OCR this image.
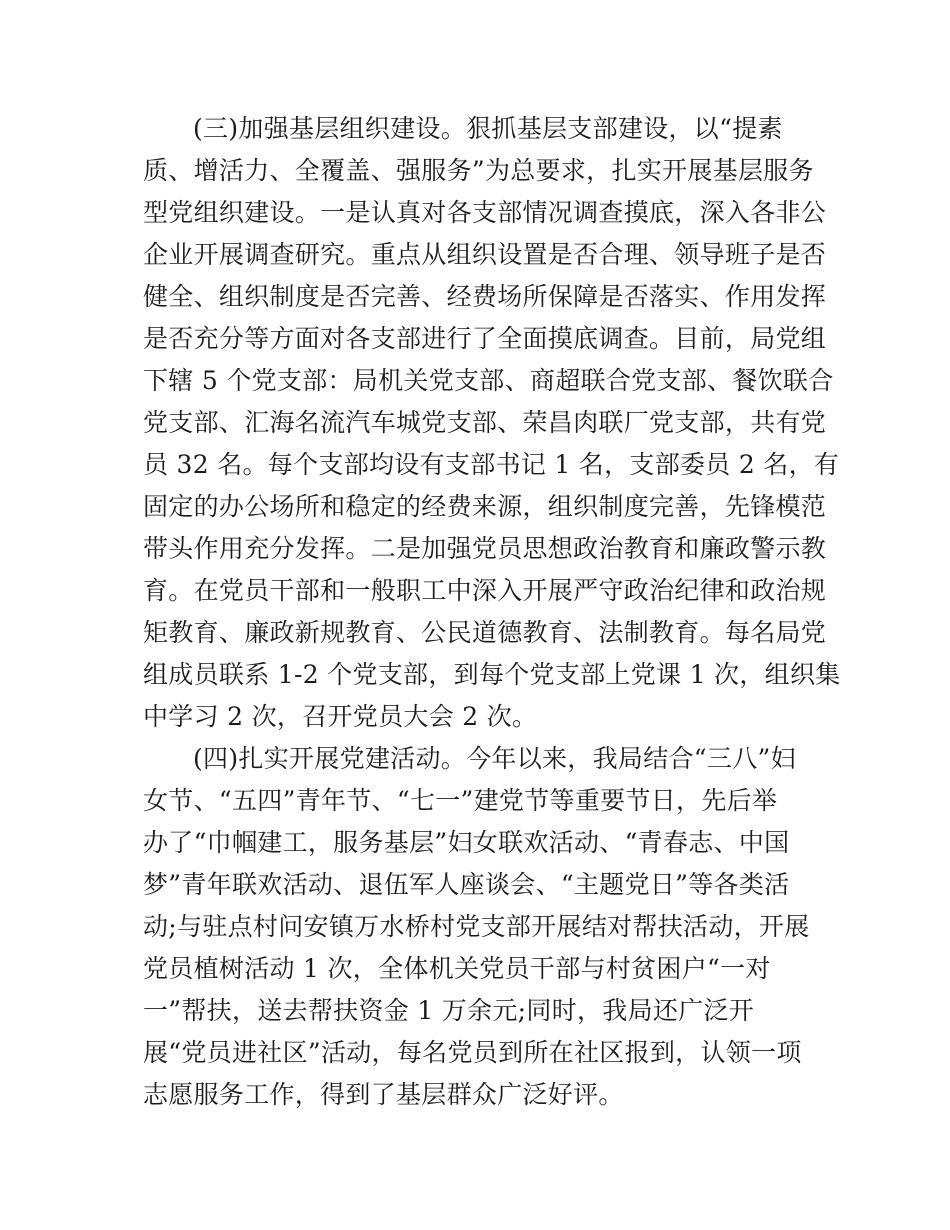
(三)加强基层组织建设。狠抓基层支部建设，以“提素
质、增活力、全覆盖、强服务”为总要求，扎实开展基层服务
型党组织建设。一是认真对各支部情况调查摸底，深入各非公
企业开展调查研究。重点从组织设置是否合理、领导班子是否
健全、组织制度是否完善、经费场所保障是否落实、作用发挥
是否充分等方面对各支部进行了全面摸底调查。目前，局党组
下辖 5 个党支部：局机关党支部、商超联合党支部、餐饮联合
党支部、汇海名流汽车城党支部、荣昌肉联厂党支部，共有党
员 32 名。每个支部均设有支部书记 1 名，支部委员 2 名，有
固定的办公场所和稳定的经费来源，组织制度完善，先锋模范
带头作用充分发挥。二是加强党员思想政治教育和廉政警示教
育。在党员干部和一般职工中深入开展严守政治纪律和政治规
矩教育、廉政新规教育、公民道德教育、法制教育。每名局党
组成员联系 1-2 个党支部，到每个党支部上党课 1 次，组织集
中学习 2 次，召开党员大会 2 次。
(四)扎实开展党建活动。今年以来，我局结合“三八”妇
女节、“五四”青年节、“七一”建党节等重要节日，先后举
办了“巾帼建工，服务基层”妇女联欢活动、“青春志、中国
梦”青年联欢活动、退伍军人座谈会、“主题党日”等各类活
动;与驻点村问安镇万水桥村党支部开展结对帮扶活动，开展
党员植树活动 1 次，全体机关党员干部与村贫困户“一对
一”帮扶，送去帮扶资金 1 万余元;同时，我局还广泛开
展“党员进社区”活动，每名党员到所在社区报到，认领一项
志愿服务工作，得到了基层群众广泛好评。
